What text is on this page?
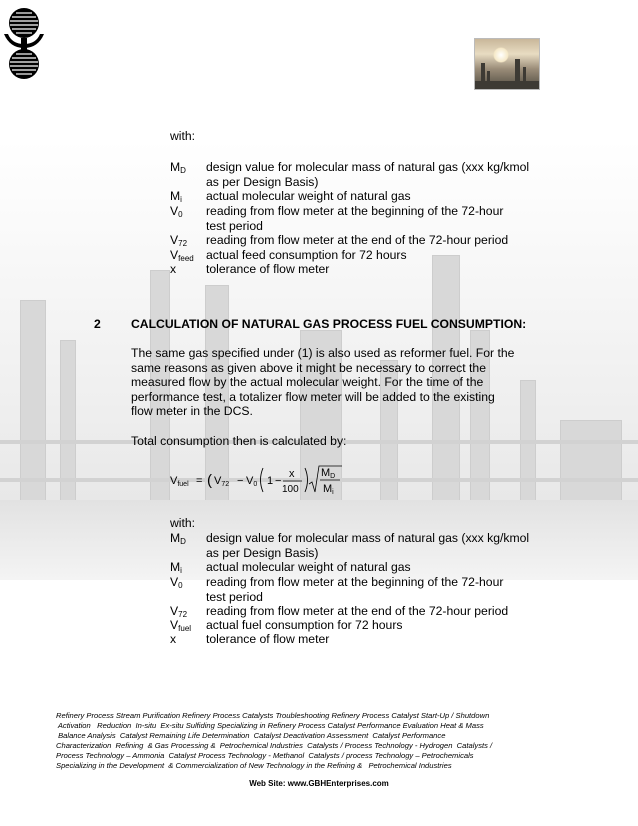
with:
MD	design value for molecular mass of natural gas (xxx kg/kmol
as per Design Basis)
Mi	actual molecular weight of natural gas
V0	reading from flow meter at the beginning of the 72-hour
test period
V72	reading from flow meter at the end of the 72-hour period
Vfeed	actual feed consumption for 72 hours
x	tolerance of flow meter
2 CALCULATION OF NATURAL GAS PROCESS FUEL CONSUMPTION:
The same gas specified under (1) is also used as reformer fuel. For the
same reasons as given above it might be necessary to correct the
measured flow by the actual molecular weight. For the time of the
performance test, a totalizer flow meter will be added to the existing
flow meter in the DCS.
Total consumption then is calculated by:
Vfuel = ( V72 − V0 1 −
x
100
MD
Mi
with:
MD	design value for molecular mass of natural gas (xxx kg/kmol
as per Design Basis)
Mi	actual molecular weight of natural gas
V0	reading from flow meter at the beginning of the 72-hour
test period
V72	reading from flow meter at the end of the 72-hour period
Vfuel	actual fuel consumption for 72 hours
x	tolerance of flow meter
Refinery Process Stream Purification Refinery Process Catalysts Troubleshooting Refinery Process Catalyst Start-Up / Shutdown
Activation   Reduction  In-situ  Ex-situ Sulfiding Specializing in Refinery Process Catalyst Performance Evaluation Heat & Mass
Balance Analysis  Catalyst Remaining Life Determination  Catalyst Deactivation Assessment  Catalyst Performance
Characterization  Refining  & Gas Processing &  Petrochemical Industries  Catalysts / Process Technology - Hydrogen  Catalysts /
Process Technology – Ammonia  Catalyst Process Technology - Methanol  Catalysts / process Technology – Petrochemicals
Specializing in the Development  & Commercialization of New Technology in the Refining &   Petrochemical Industries
Web Site: www.GBHEnterprises.com
